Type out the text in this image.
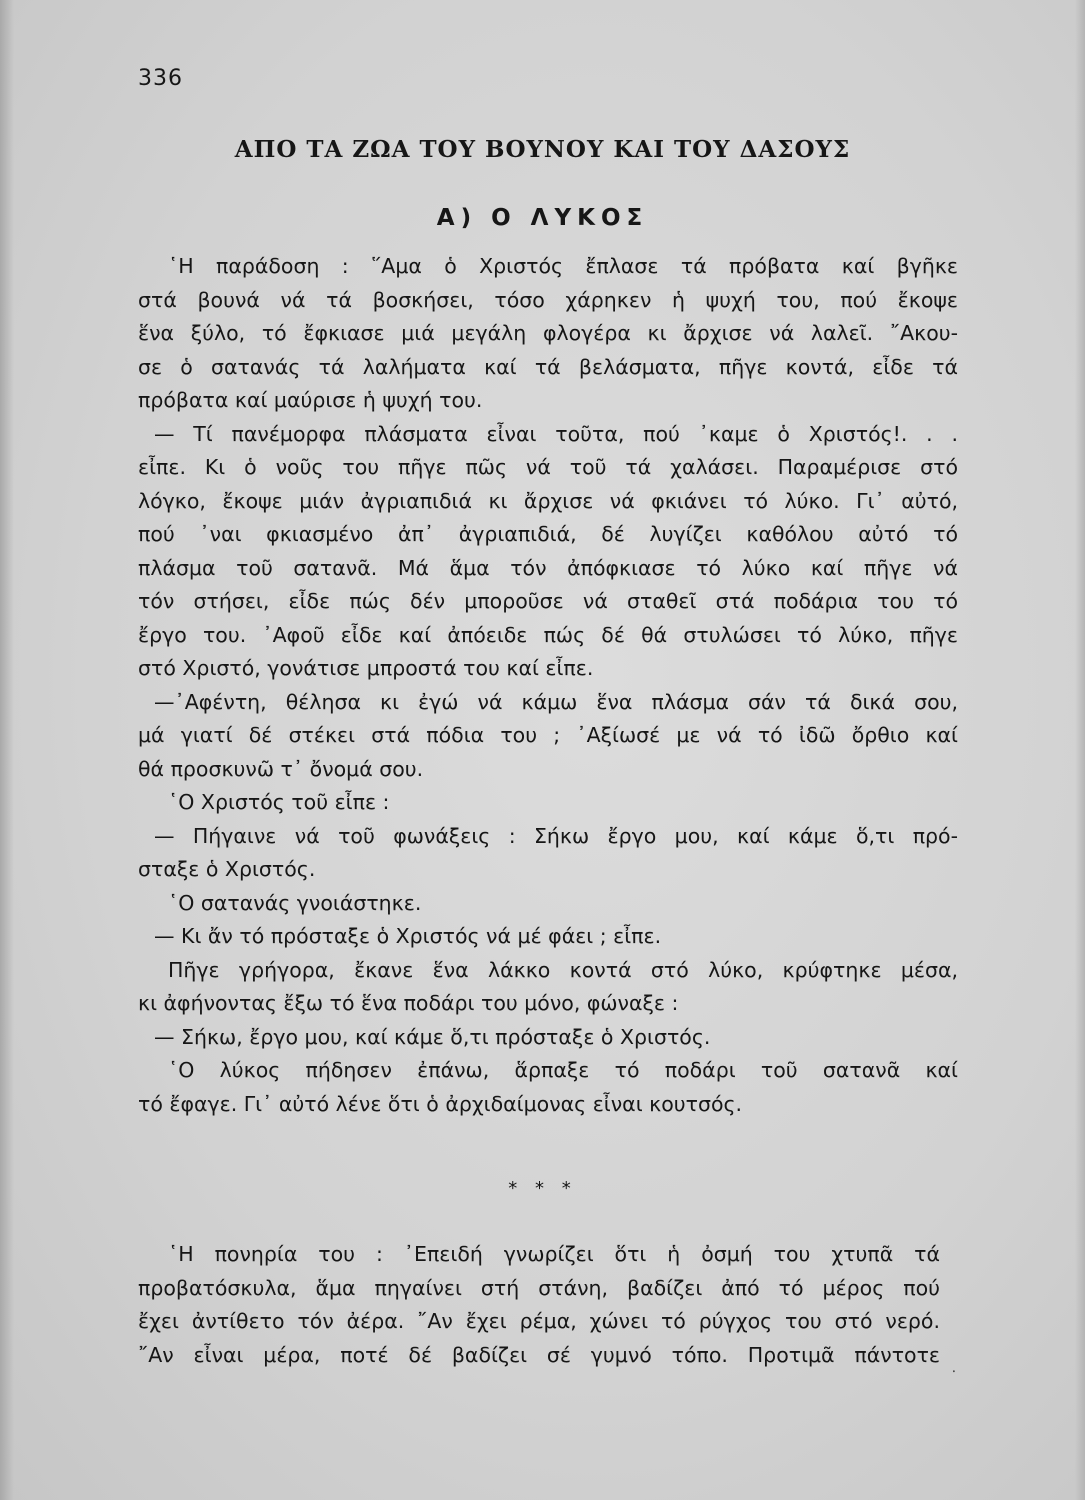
336
ΑΠΟ ΤΑ ΖΩΑ ΤΟΥ ΒΟΥΝΟΥ ΚΑΙ ΤΟΥ ΔΑΣΟΥΣ
Α) Ο ΛΥΚΟΣ
῾Η παράδοση : ῞Αμα ὁ Χριστός ἔπλασε τά πρόβατα καί βγῆκε
στά βουνά νά τά βοσκήσει, τόσο χάρηκεν ἡ ψυχή του, πού ἔκοψε
ἕνα ξύλο, τό ἔφκιασε μιά μεγάλη φλογέρα κι ἄρχισε νά λαλεῖ. ῎Ακου-
σε ὁ σατανάς τά λαλήματα καί τά βελάσματα, πῆγε κοντά, εἶδε τά
πρόβατα καί μαύρισε ἡ ψυχή του.
— Τί πανέμορφα πλάσματα εἶναι τοῦτα, πού ᾿καμε ὁ Χριστός!. . .
εἶπε. Κι ὁ νοῦς του πῆγε πῶς νά τοῦ τά χαλάσει. Παραμέρισε στό
λόγκο, ἔκοψε μιάν ἀγριαπιδιά κι ἄρχισε νά φκιάνει τό λύκο. Γι᾿ αὐτό,
πού ᾿ναι φκιασμένο ἀπ᾿ ἀγριαπιδιά, δέ λυγίζει καθόλου αὐτό τό
πλάσμα τοῦ σατανᾶ. Μά ἅμα τόν ἀπόφκιασε τό λύκο καί πῆγε νά
τόν στήσει, εἶδε πώς δέν μποροῦσε νά σταθεῖ στά ποδάρια του τό
ἔργο του. ᾿Αφοῦ εἶδε καί ἀπόειδε πώς δέ θά στυλώσει τό λύκο, πῆγε
στό Χριστό, γονάτισε μπροστά του καί εἶπε.
—᾿Αφέντη, θέλησα κι ἐγώ νά κάμω ἕνα πλάσμα σάν τά δικά σου,
μά γιατί δέ στέκει στά πόδια του ; ᾿Αξίωσέ με νά τό ἰδῶ ὄρθιο καί
θά προσκυνῶ τ᾿ ὄνομά σου.
῾Ο Χριστός τοῦ εἶπε :
— Πήγαινε νά τοῦ φωνάξεις : Σήκω ἔργο μου, καί κάμε ὅ,τι πρό-
σταξε ὁ Χριστός.
῾Ο σατανάς γνοιάστηκε.
— Κι ἄν τό πρόσταξε ὁ Χριστός νά μέ φάει ; εἶπε.
Πῆγε γρήγορα, ἔκανε ἕνα λάκκο κοντά στό λύκο, κρύφτηκε μέσα,
κι ἀφήνοντας ἔξω τό ἕνα ποδάρι του μόνο, φώναξε :
— Σήκω, ἔργο μου, καί κάμε ὅ,τι πρόσταξε ὁ Χριστός.
῾Ο λύκος πήδησεν ἐπάνω, ἅρπαξε τό ποδάρι τοῦ σατανᾶ καί
τό ἔφαγε. Γι᾿ αὐτό λένε ὅτι ὁ ἀρχιδαίμονας εἶναι κουτσός.
* * *
῾Η πονηρία του : ᾿Επειδή γνωρίζει ὅτι ἡ ὀσμή του χτυπᾶ τά
προβατόσκυλα, ἅμα πηγαίνει στή στάνη, βαδίζει ἀπό τό μέρος πού
ἔχει ἀντίθετο τόν ἀέρα. ῎Αν ἔχει ρέμα, χώνει τό ρύγχος του στό νερό.
῎Αν εἶναι μέρα, ποτέ δέ βαδίζει σέ γυμνό τόπο. Προτιμᾶ πάντοτε
⸱
